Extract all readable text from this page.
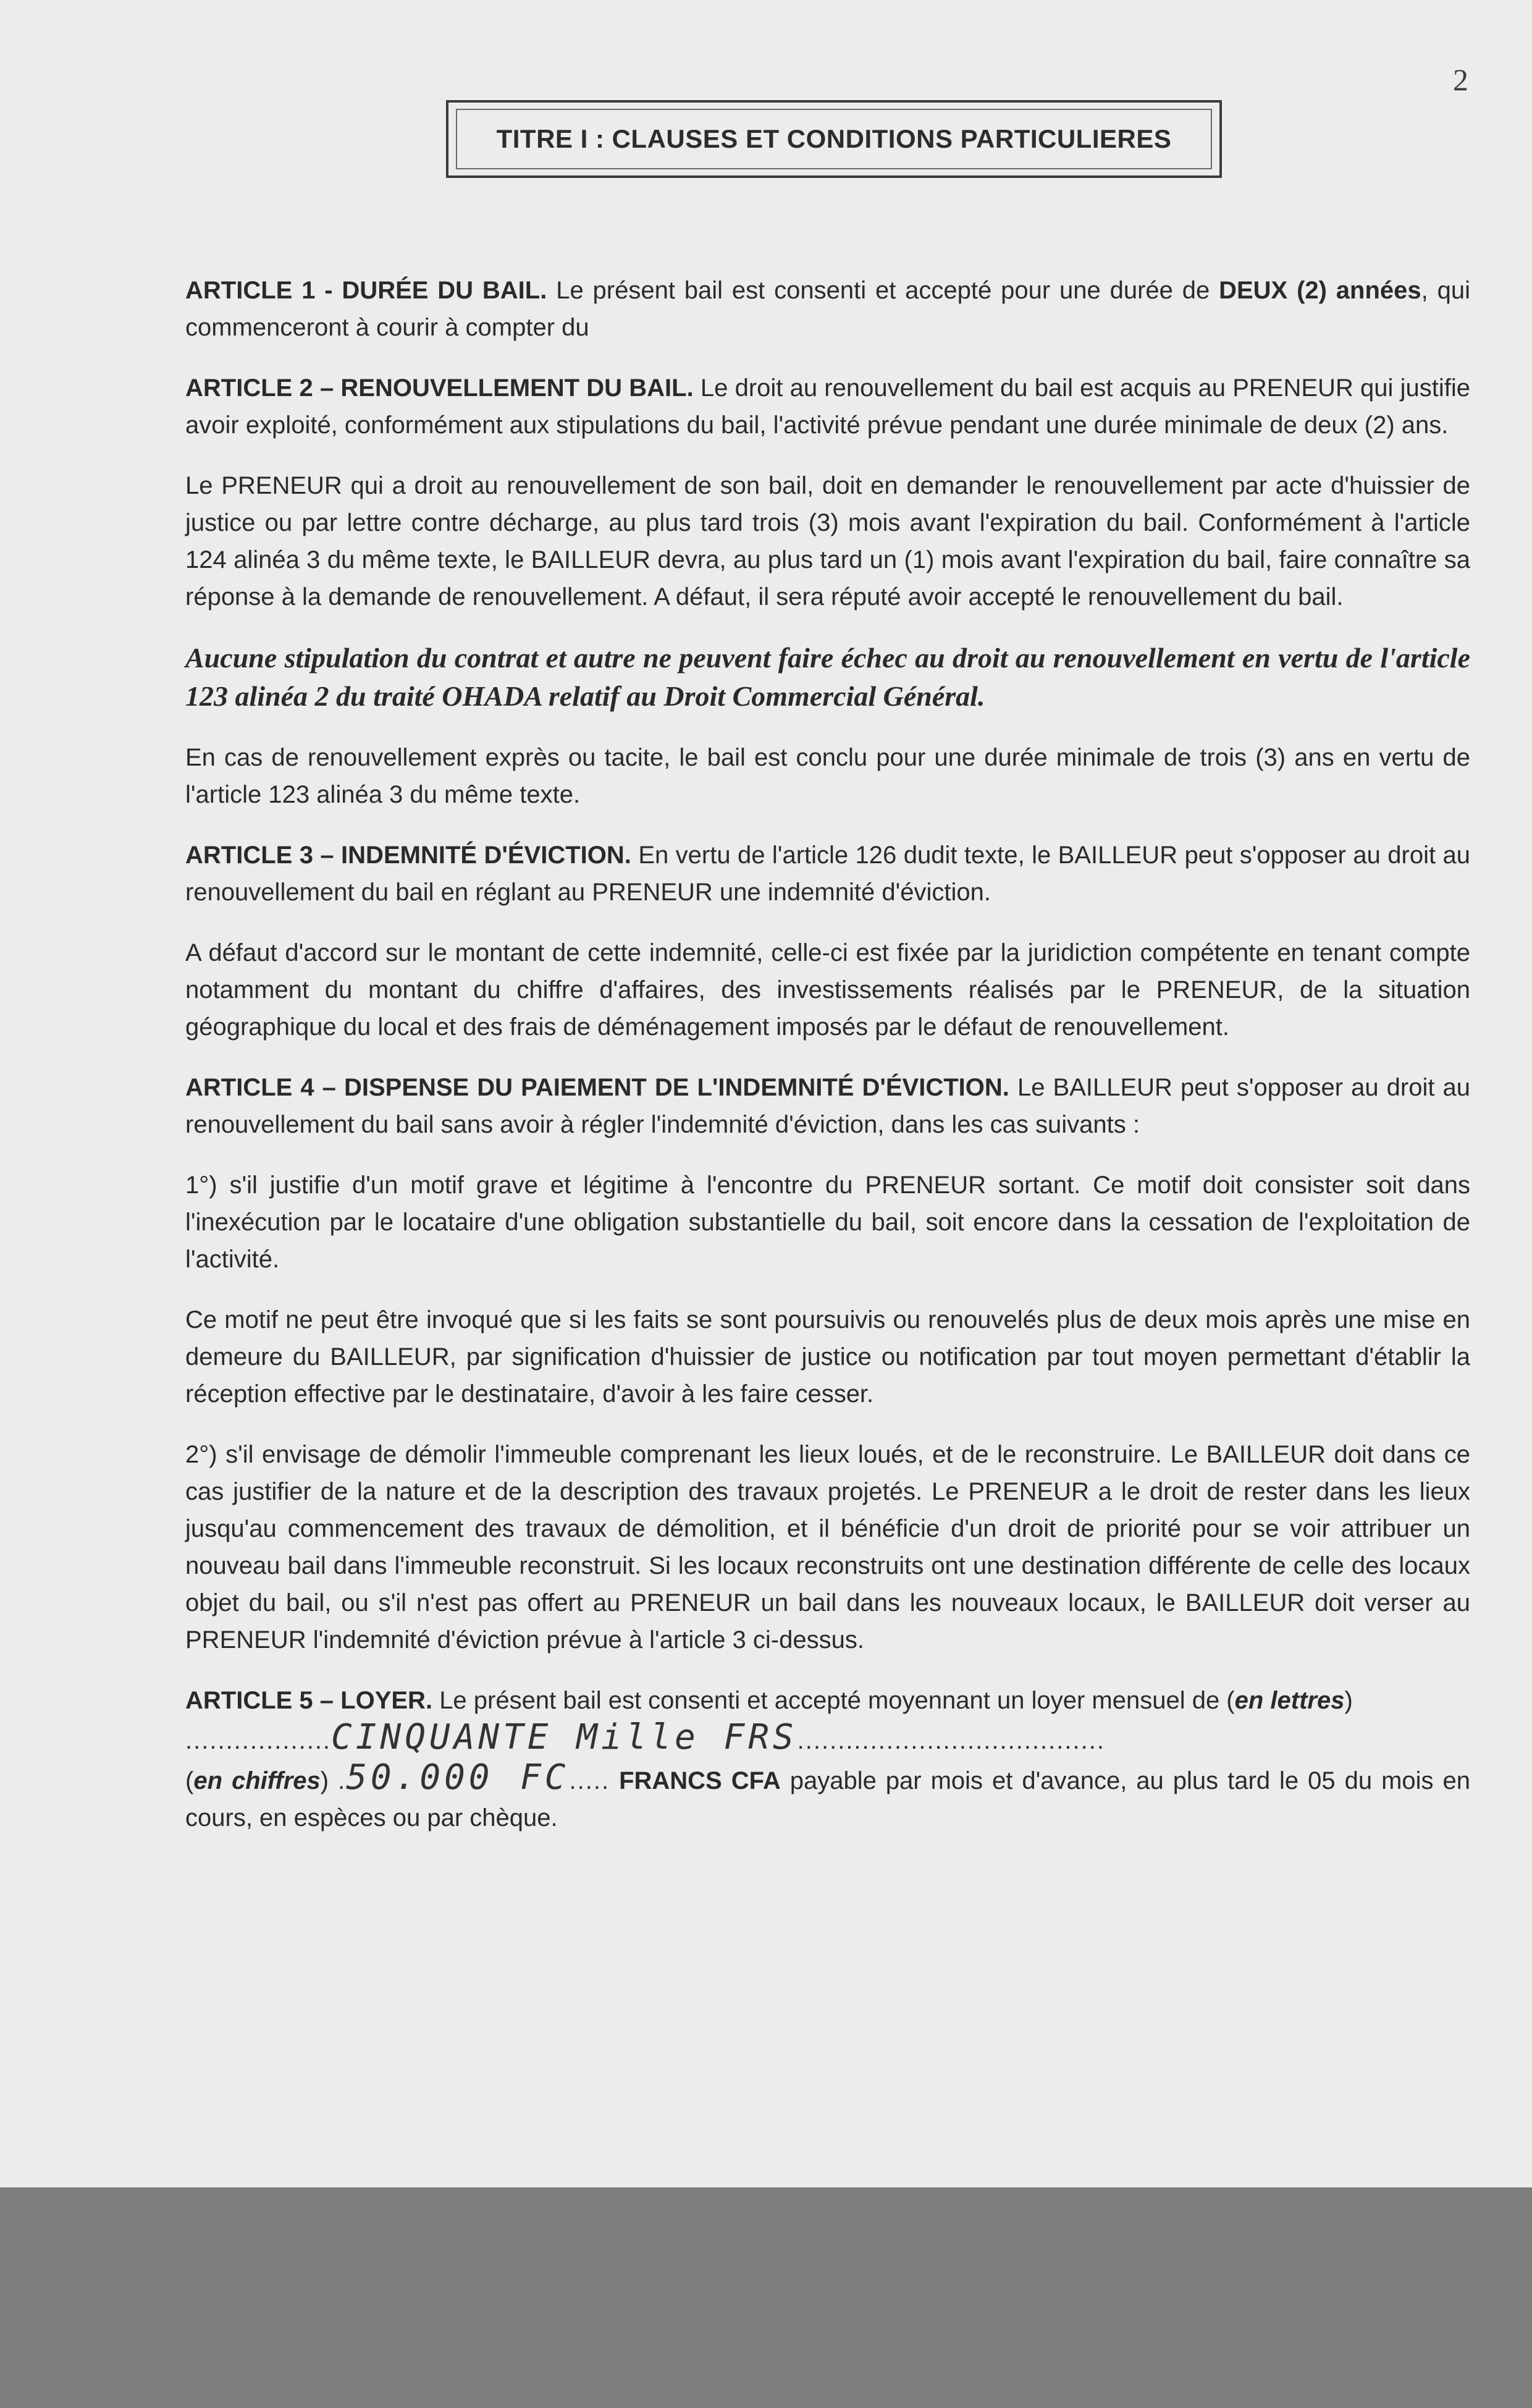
2
TITRE I : CLAUSES ET CONDITIONS PARTICULIERES

ARTICLE 1 - DURÉE DU BAIL. Le présent bail est consenti et accepté pour une durée de DEUX (2) années, qui commenceront à courir à compter du

ARTICLE 2 – RENOUVELLEMENT DU BAIL. Le droit au renouvellement du bail est acquis au PRENEUR qui justifie avoir exploité, conformément aux stipulations du bail, l'activité prévue pendant une durée minimale de deux (2) ans.

Le PRENEUR qui a droit au renouvellement de son bail, doit en demander le renouvellement par acte d'huissier de justice ou par lettre contre décharge, au plus tard trois (3) mois avant l'expiration du bail. Conformément à l'article 124 alinéa 3 du même texte, le BAILLEUR devra, au plus tard un (1) mois avant l'expiration du bail, faire connaître sa réponse à la demande de renouvellement. A défaut, il sera réputé avoir accepté le renouvellement du bail.

Aucune stipulation du contrat et autre ne peuvent faire échec au droit au renouvellement en vertu de l'article 123 alinéa 2 du traité OHADA relatif au Droit Commercial Général.

En cas de renouvellement exprès ou tacite, le bail est conclu pour une durée minimale de trois (3) ans en vertu de l'article 123 alinéa 3 du même texte.

ARTICLE 3 – INDEMNITÉ D'ÉVICTION. En vertu de l'article 126 dudit texte, le BAILLEUR peut s'opposer au droit au renouvellement du bail en réglant au PRENEUR une indemnité d'éviction.

A défaut d'accord sur le montant de cette indemnité, celle-ci est fixée par la juridiction compétente en tenant compte notamment du montant du chiffre d'affaires, des investissements réalisés par le PRENEUR, de la situation géographique du local et des frais de déménagement imposés par le défaut de renouvellement.

ARTICLE 4 – DISPENSE DU PAIEMENT DE L'INDEMNITÉ D'ÉVICTION. Le BAILLEUR peut s'opposer au droit au renouvellement du bail sans avoir à régler l'indemnité d'éviction, dans les cas suivants :

1°) s'il justifie d'un motif grave et légitime à l'encontre du PRENEUR sortant. Ce motif doit consister soit dans l'inexécution par le locataire d'une obligation substantielle du bail, soit encore dans la cessation de l'exploitation de l'activité.

Ce motif ne peut être invoqué que si les faits se sont poursuivis ou renouvelés plus de deux mois après une mise en demeure du BAILLEUR, par signification d'huissier de justice ou notification par tout moyen permettant d'établir la réception effective par le destinataire, d'avoir à les faire cesser.

2°) s'il envisage de démolir l'immeuble comprenant les lieux loués, et de le reconstruire. Le BAILLEUR doit dans ce cas justifier de la nature et de la description des travaux projetés. Le PRENEUR a le droit de rester dans les lieux jusqu'au commencement des travaux de démolition, et il bénéficie d'un droit de priorité pour se voir attribuer un nouveau bail dans l'immeuble reconstruit. Si les locaux reconstruits ont une destination différente de celle des locaux objet du bail, ou s'il n'est pas offert au PRENEUR un bail dans les nouveaux locaux, le BAILLEUR doit verser au PRENEUR l'indemnité d'éviction prévue à l'article 3 ci-dessus.

ARTICLE 5 – LOYER. Le présent bail est consenti et accepté moyennant un loyer mensuel de (en lettres)
..................CINQUANTE Mille FRS......................................
(en chiffres) .50.000 FC..... FRANCS CFA payable par mois et d'avance, au plus tard le 05 du mois en cours, en espèces ou par chèque.
